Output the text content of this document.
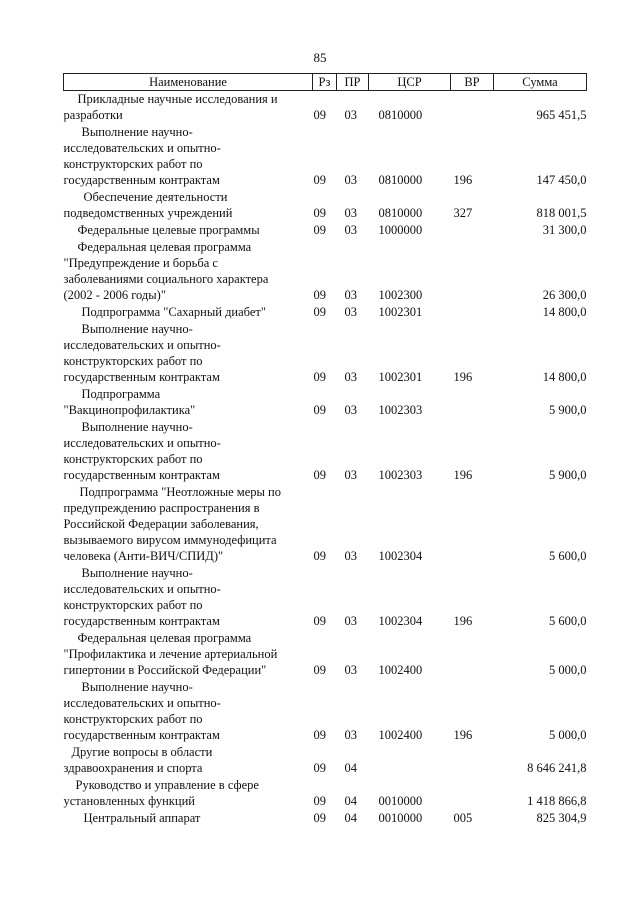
85
Наименование	Рз	ПР	ЦСР	ВР	Сумма

Прикладные научные исследования и
разработки	09	03	0810000		965 451,5

Выполнение научно-
исследовательских и опытно-
конструкторских работ по
государственным контрактам	09	03	0810000	196	147 450,0

Обеспечение деятельности
подведомственных учреждений	09	03	0810000	327	818 001,5

Федеральные целевые программы	09	03	1000000		31 300,0

Федеральная целевая программа
"Предупреждение и борьба с
заболеваниями социального характера
(2002 - 2006 годы)"	09	03	1002300		26 300,0

Подпрограмма "Сахарный диабет"	09	03	1002301		14 800,0

Выполнение научно-
исследовательских и опытно-
конструкторских работ по
государственным контрактам	09	03	1002301	196	14 800,0

Подпрограмма
"Вакцинопрофилактика"	09	03	1002303		5 900,0

Выполнение научно-
исследовательских и опытно-
конструкторских работ по
государственным контрактам	09	03	1002303	196	5 900,0

Подпрограмма "Неотложные меры по
предупреждению распространения в
Российской Федерации заболевания,
вызываемого вирусом иммунодефицита
человека (Анти-ВИЧ/СПИД)"	09	03	1002304		5 600,0

Выполнение научно-
исследовательских и опытно-
конструкторских работ по
государственным контрактам	09	03	1002304	196	5 600,0

Федеральная целевая программа
"Профилактика и лечение артериальной
гипертонии в Российской Федерации"	09	03	1002400		5 000,0

Выполнение научно-
исследовательских и опытно-
конструкторских работ по
государственным контрактам	09	03	1002400	196	5 000,0

Другие вопросы в области
здравоохранения и спорта	09	04			8 646 241,8

Руководство и управление в сфере
установленных функций	09	04	0010000		1 418 866,8

Центральный аппарат	09	04	0010000	005	825 304,9
